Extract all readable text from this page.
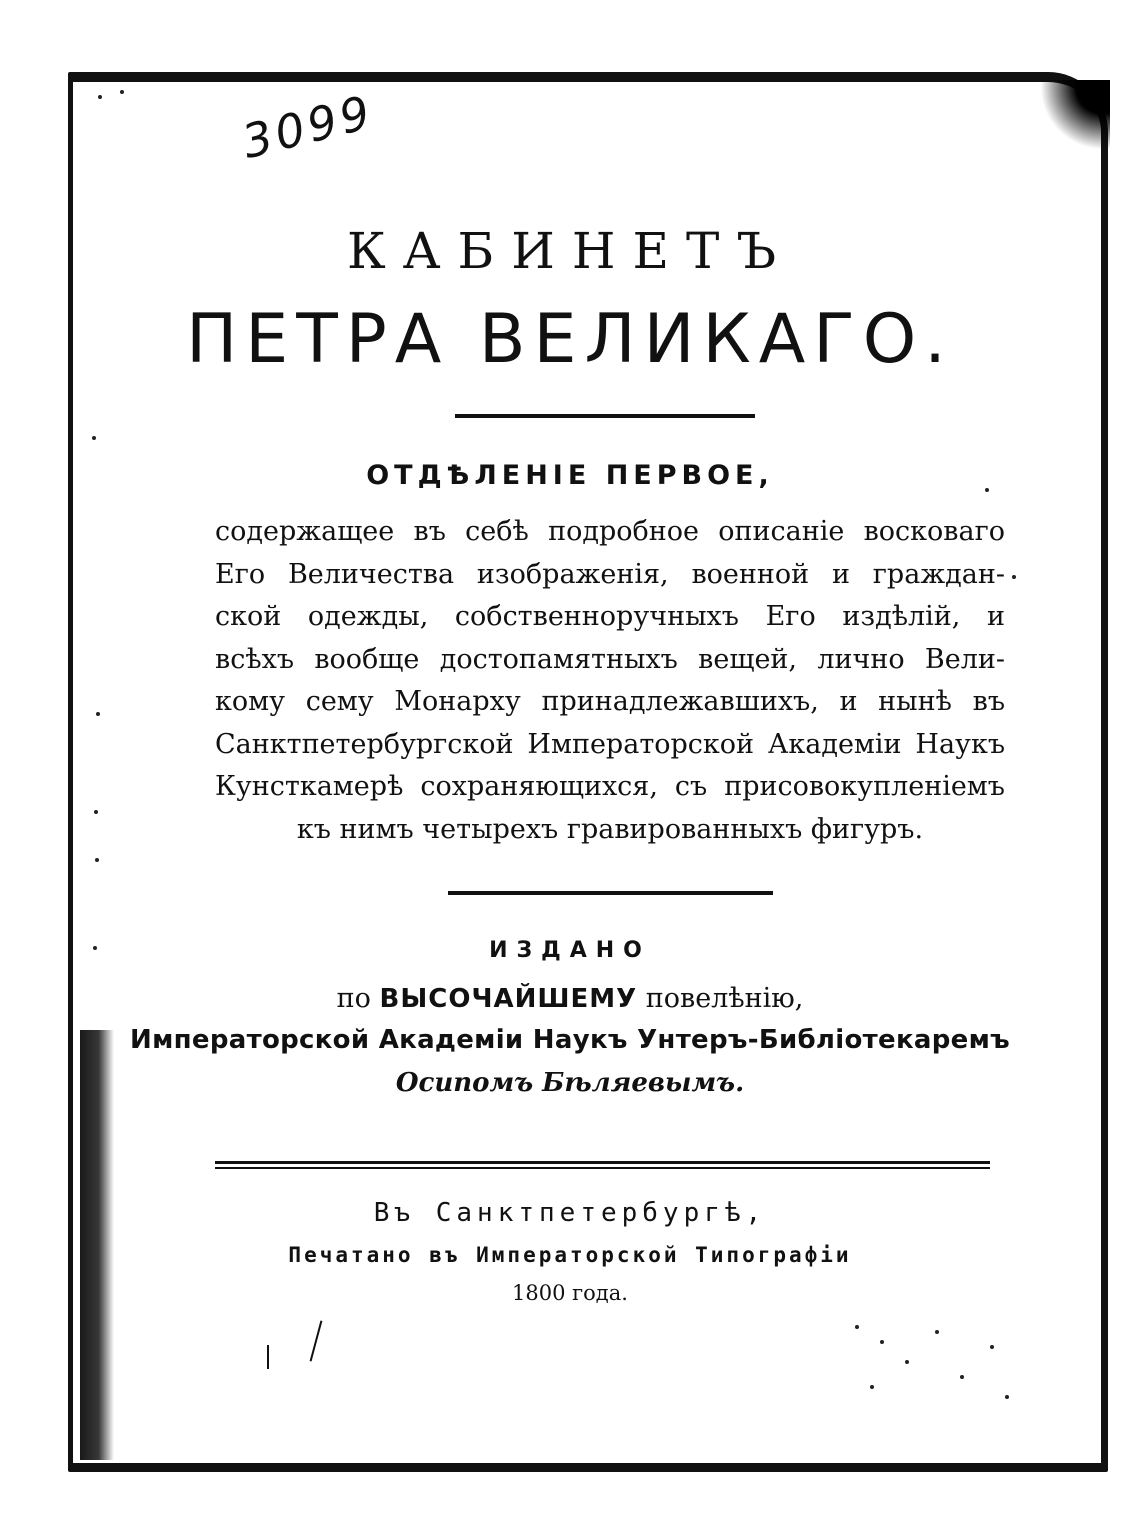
3099
КАБИНЕТЪ
ПЕТРА ВЕЛИКАГО.
ОТДѢЛЕНІЕ ПЕРВОЕ,
содержащее въ себѣ подробное описаніе восковаго
Его Величества изображенія, военной и граждан-
ской одежды, собственноручныхъ Его издѣлій, и
всѣхъ вообще достопамятныхъ вещей, лично Вели-
кому сему Монарху принадлежавшихъ, и нынѣ въ
Санктпетербургской Императорской Академіи Наукъ
Кунсткамерѣ сохраняющихся, съ присовокупленіемъ
къ нимъ четырехъ гравированныхъ фигуръ.
ИЗДАНО
по ВЫСОЧАЙШЕМУ повелѣнію,
Императорской Академіи Наукъ Унтеръ-Библіотекаремъ
Осипомъ Бѣляевымъ.
Въ Санктпетербургѣ,
Печатано въ Императорской Типографіи
1800 года.
